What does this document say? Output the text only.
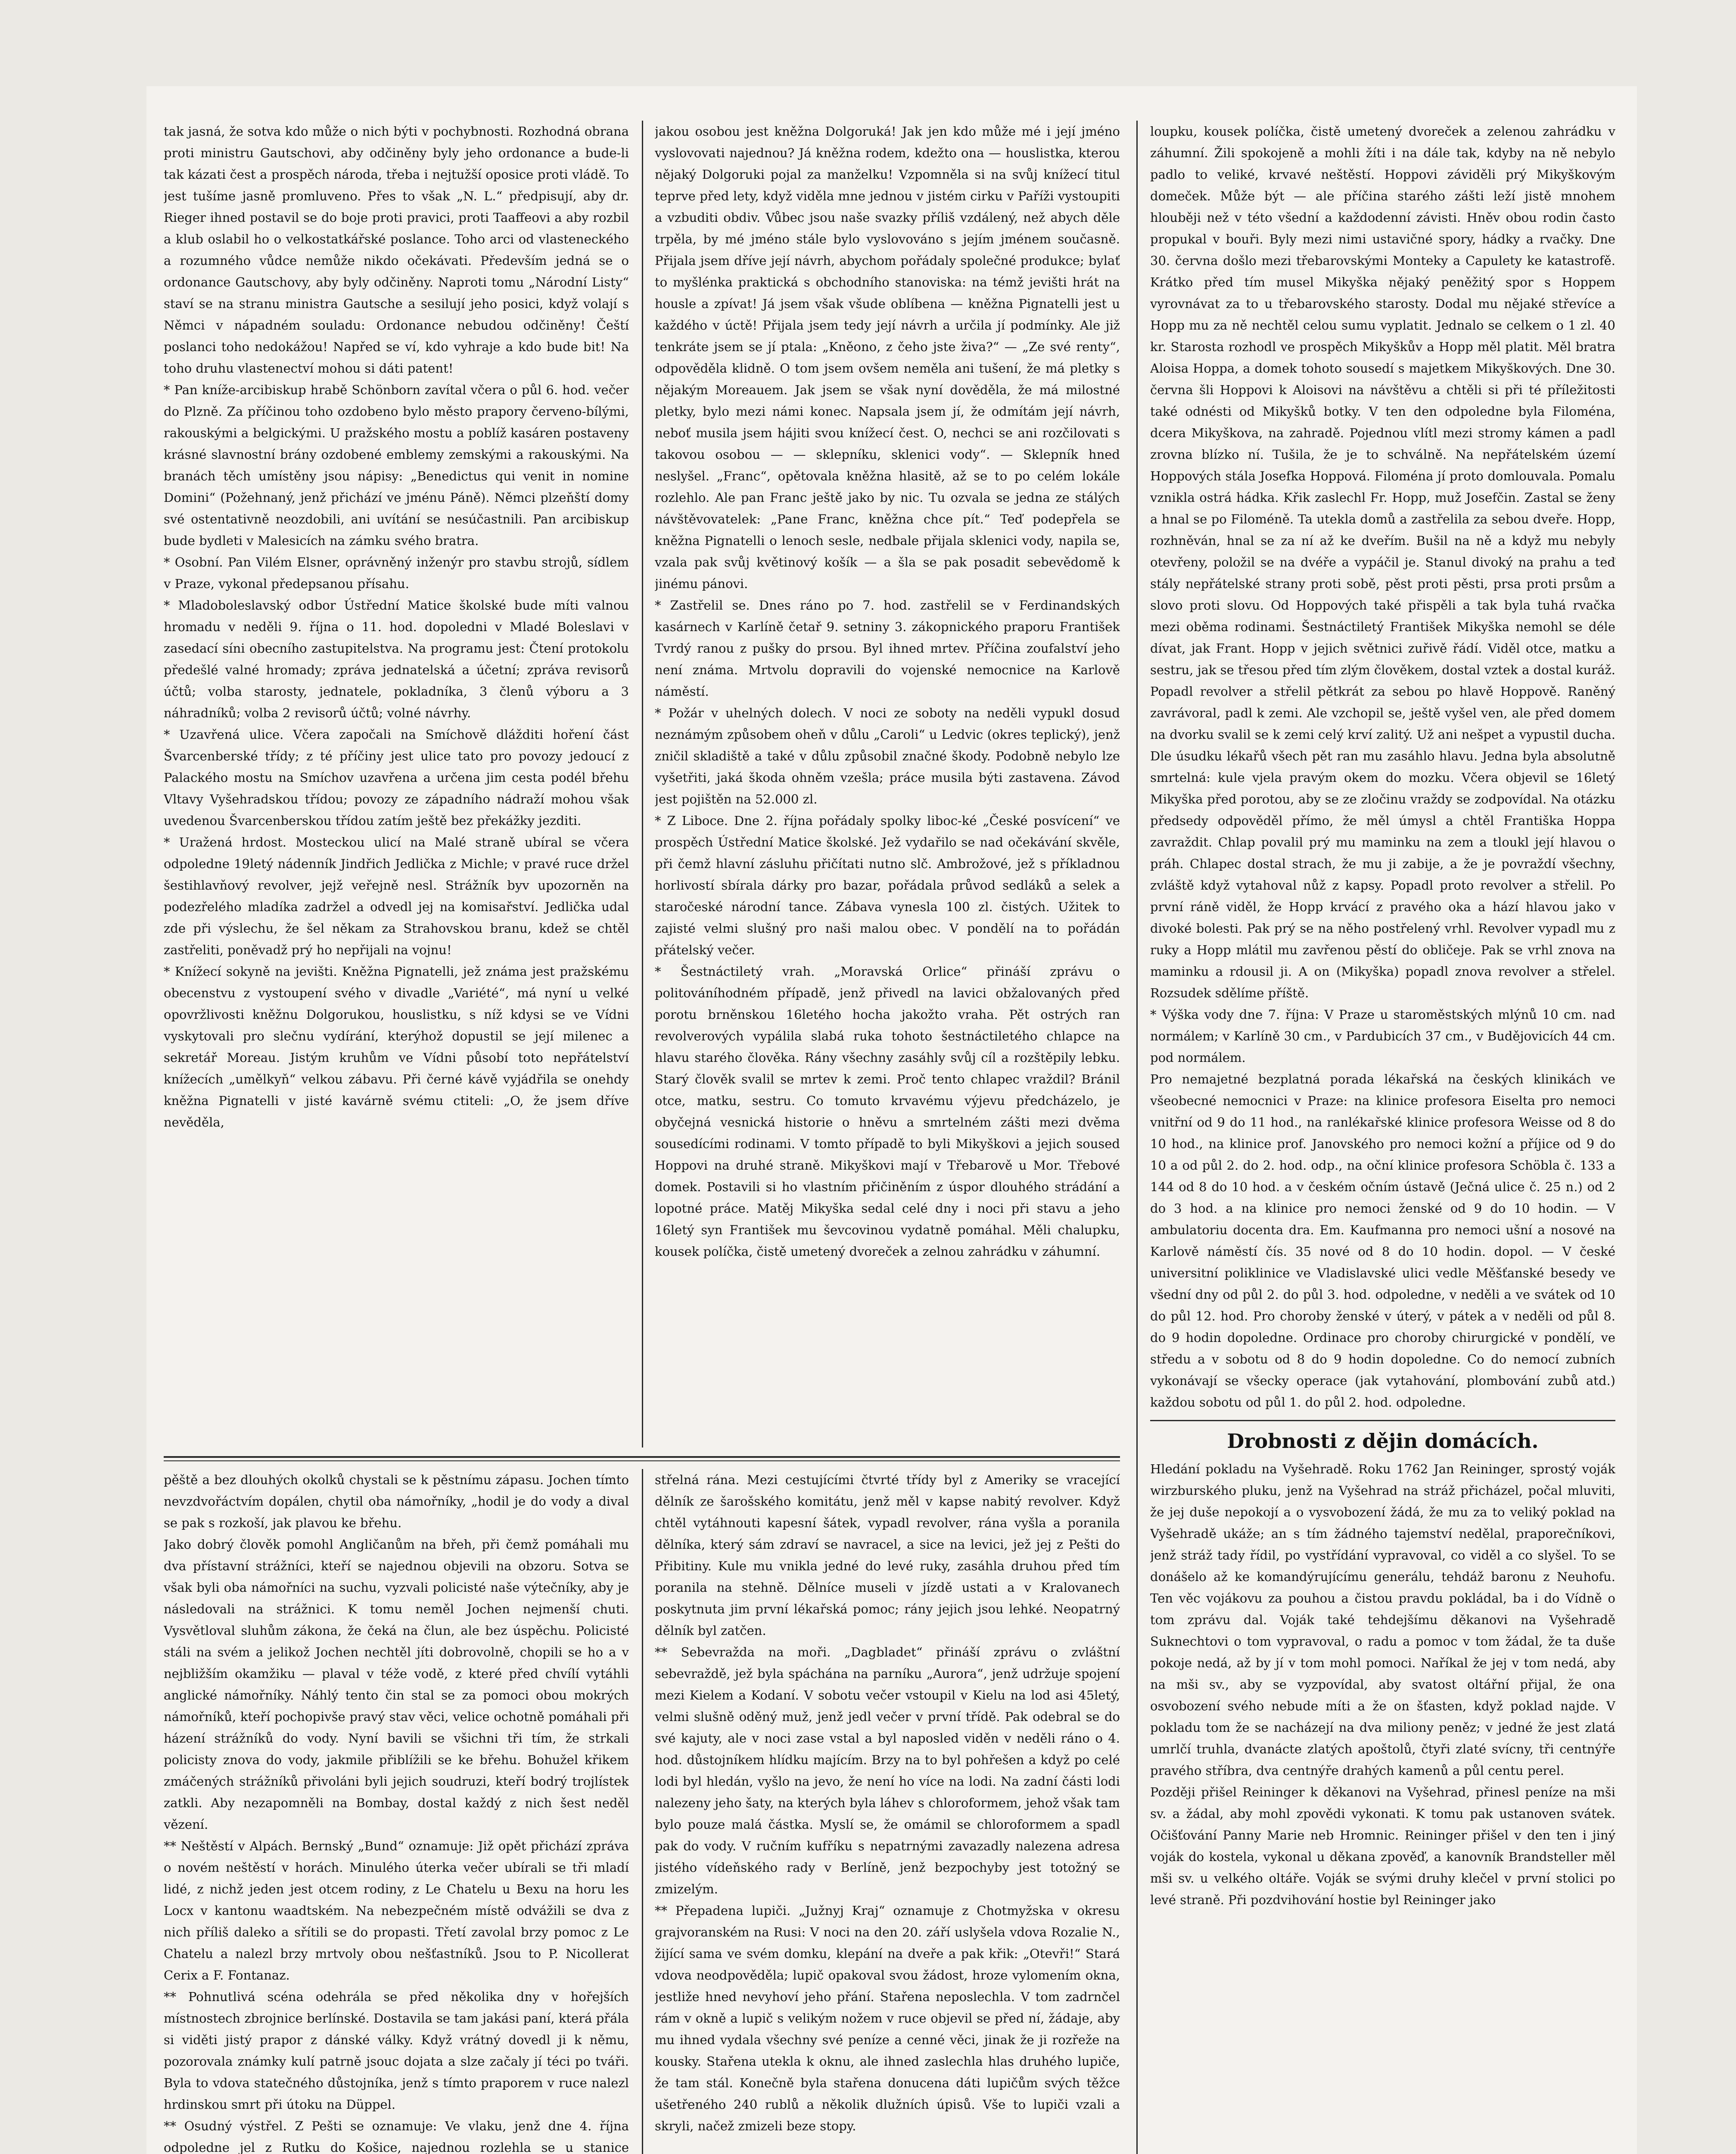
tak jasná, že sotva kdo může o nich býti v pochybnosti. Rozhodná obrana proti ministru Gautschovi, aby odčiněny byly jeho ordonance a bude-li tak kázati čest a prospěch národa, třeba i nejtužší oposice proti vládě. To jest tušíme jasně promluveno. Přes to však „N. L.“ předpisují, aby dr. Rieger ihned postavil se do boje proti pravici, proti Taaffeovi a aby rozbil a klub oslabil ho o velkostatkářské poslance. Toho arci od vlasteneckého a rozumného vůdce nemůže nikdo očekávati. Především jedná se o ordonance Gautschovy, aby byly odčiněny. Naproti tomu „Národní Listy“ staví se na stranu ministra Gautsche a sesilují jeho posici, když volají s Němci v nápadném souladu: Ordonance nebudou odčiněny! Čeští poslanci toho nedokážou! Napřed se ví, kdo vyhraje a kdo bude bit! Na toho druhu vlastenectví mohou si dáti patent!

* Pan kníže-arcibiskup hrabě Schönborn zavítal včera o půl 6. hod. večer do Plzně. Za příčinou toho ozdobeno bylo město prapory červeno-bílými, rakouskými a belgickými. U pražského mostu a poblíž kasáren postaveny krásné slavnostní brány ozdobené emblemy zemskými a rakouskými. Na branách těch umístěny jsou nápisy: „Benedictus qui venit in nomine Domini“ (Požehnaný, jenž přichází ve jménu Páně). Němci plzeňští domy své ostentativně neozdobili, ani uvítání se nesúčastnili. Pan arcibiskup bude bydleti v Malesicích na zámku svého bratra.

* Osobní. Pan Vilém Elsner, oprávněný inženýr pro stavbu strojů, sídlem v Praze, vykonal předepsanou přísahu.

* Mladoboleslavský odbor Ústřední Matice školské bude míti valnou hromadu v neděli 9. října o 11. hod. dopoledni v Mladé Boleslavi v zasedací síni obecního zastupitelstva. Na programu jest: Čtení protokolu předešlé valné hromady; zpráva jednatelská a účetní; zpráva revisorů účtů; volba starosty, jednatele, pokladníka, 3 členů výboru a 3 náhradníků; volba 2 revisorů účtů; volné návrhy.

* Uzavřená ulice. Včera započali na Smíchově dlážditi hoření část Švarcenberské třídy; z té příčiny jest ulice tato pro povozy jedoucí z Palackého mostu na Smíchov uzavřena a určena jim cesta podél břehu Vltavy Vyšehradskou třídou; povozy ze západního nádraží mohou však uvedenou Švarcenberskou třídou zatím ještě bez překážky jezditi.

* Uražená hrdost. Mosteckou ulicí na Malé straně ubíral se včera odpoledne 19letý nádenník Jindřich Jedlička z Michle; v pravé ruce držel šestihlavňový revolver, jejž veřejně nesl. Strážník byv upozorněn na podezřelého mladíka zadržel a odvedl jej na komisařství. Jedlička udal zde při výslechu, že šel někam za Strahovskou branu, kdež se chtěl zastřeliti, poněvadž prý ho nepřijali na vojnu!

* Knížecí sokyně na jevišti. Kněžna Pignatelli, jež známa jest pražskému obecenstvu z vystoupení svého v divadle „Variété“, má nyní u velké opovržlivosti kněžnu Dolgorukou, houslistku, s níž kdysi se ve Vídni vyskytovali pro slečnu vydírání, kterýhož dopustil se její milenec a sekretář Moreau. Jistým kruhům ve Vídni působí toto nepřátelství knížecích „umělkyň“ velkou zábavu. Při černé kávě vyjádřila se onehdy kněžna Pignatelli v jisté kavárně svému ctiteli: „O, že jsem dříve nevěděla,

jakou osobou jest kněžna Dolgoruká! Jak jen kdo může mé i její jméno vyslovovati najednou? Já kněžna rodem, kdežto ona — houslistka, kterou nějaký Dolgoruki pojal za manželku! Vzpomněla si na svůj knížecí titul teprve před lety, když viděla mne jednou v jistém cirku v Paříži vystoupiti a vzbuditi obdiv. Vůbec jsou naše svazky příliš vzdálený, než abych děle trpěla, by mé jméno stále bylo vyslovováno s jejím jménem současně. Přijala jsem dříve její návrh, abychom pořádaly společné produkce; bylať to myšlénka praktická s obchodního stanoviska: na témž jevišti hrát na housle a zpívat! Já jsem však všude oblíbena — kněžna Pignatelli jest u každého v úctě! Přijala jsem tedy její návrh a určila jí podmínky. Ale již tenkráte jsem se jí ptala: „Kněono, z čeho jste živa?“ — „Ze své renty“, odpověděla klidně. O tom jsem ovšem neměla ani tušení, že má pletky s nějakým Moreauem. Jak jsem se však nyní dověděla, že má milostné pletky, bylo mezi námi konec. Napsala jsem jí, že odmítám její návrh, neboť musila jsem hájiti svou knížecí čest. O, nechci se ani rozčilovati s takovou osobou — — sklepníku, sklenici vody“. — Sklepník hned neslyšel. „Franc“, opětovala kněžna hlasitě, až se to po celém lokále rozlehlo. Ale pan Franc ještě jako by nic. Tu ozvala se jedna ze stálých návštěvovatelek: „Pane Franc, kněžna chce pít.“ Teď podepřela se kněžna Pignatelli o lenoch sesle, nedbale přijala sklenici vody, napila se, vzala pak svůj květinový košík — a šla se pak posadit sebevědomě k jinému pánovi.

* Zastřelil se. Dnes ráno po 7. hod. zastřelil se v Ferdinandských kasárnech v Karlíně četař 9. setniny 3. zákopnického praporu František Tvrdý ranou z pušky do prsou. Byl ihned mrtev. Příčina zoufalství jeho není známa. Mrtvolu dopravili do vojenské nemocnice na Karlově náměstí.

* Požár v uhelných dolech. V noci ze soboty na neděli vypukl dosud neznámým způsobem oheň v důlu „Caroli“ u Ledvic (okres teplický), jenž zničil skladiště a také v důlu způsobil značné škody. Podobně nebylo lze vyšetřiti, jaká škoda ohněm vzešla; práce musila býti zastavena. Závod jest pojištěn na 52.000 zl.

* Z Liboce. Dne 2. října pořádaly spolky liboc-ké „České posvícení“ ve prospěch Ústřední Matice školské. Jež vydařilo se nad očekávání skvěle, při čemž hlavní zásluhu přičítati nutno slč. Ambrožové, jež s příkladnou horlivostí sbírala dárky pro bazar, pořádala průvod sedláků a selek a staročeské národní tance. Zábava vynesla 100 zl. čistých. Užitek to zajisté velmi slušný pro naši malou obec. V pondělí na to pořádán přátelský večer.

* Šestnáctiletý vrah. „Moravská Orlice“ přináší zprávu o politováníhodném případě, jenž přivedl na lavici obžalovaných před porotu brněnskou 16letého hocha jakožto vraha. Pět ostrých ran revolverových vypálila slabá ruka tohoto šestnáctiletého chlapce na hlavu starého člověka. Rány všechny zasáhly svůj cíl a rozštěpily lebku. Starý člověk svalil se mrtev k zemi. Proč tento chlapec vraždil? Bránil otce, matku, sestru. Co tomuto krvavému výjevu předcházelo, je obyčejná vesnická historie o hněvu a smrtelném zášti mezi dvěma sousedícími rodinami. V tomto případě to byli Mikyškovi a jejich soused Hoppovi na druhé straně. Mikyškovi mají v Třebarově u Mor. Třebové domek. Postavili si ho vlastním přičiněním z úspor dlouhého strádání a lopotné práce. Matěj Mikyška sedal celé dny i noci při stavu a jeho 16letý syn František mu ševcovinou vydatně pomáhal. Měli chalupku, kousek políčka, čistě umetený dvoreček a zelnou zahrádku v záhumní.

loupku, kousek políčka, čistě umetený dvoreček a zelenou zahrádku v záhumní. Žili spokojeně a mohli žíti i na dále tak, kdyby na ně nebylo padlo to veliké, krvavé neštěstí. Hoppovi záviděli prý Mikyškovým domeček. Může být — ale příčina starého zášti leží jistě mnohem hlouběji než v této všední a každodenní závisti. Hněv obou rodin často propukal v bouři. Byly mezi nimi ustavičné spory, hádky a rvačky. Dne 30. června došlo mezi třebarovskými Monteky a Capulety ke katastrofě. Krátko před tím musel Mikyška nějaký peněžitý spor s Hoppem vyrovnávat za to u třebarovského starosty. Dodal mu nějaké střevíce a Hopp mu za ně nechtěl celou sumu vyplatit. Jednalo se celkem o 1 zl. 40 kr. Starosta rozhodl ve prospěch Mikyškův a Hopp měl platit. Měl bratra Aloisa Hoppa, a domek tohoto sousedí s majetkem Mikyškových. Dne 30. června šli Hoppovi k Aloisovi na návštěvu a chtěli si při té příležitosti také odnésti od Mikyšků botky. V ten den odpoledne byla Filoména, dcera Mikyškova, na zahradě. Pojednou vlítl mezi stromy kámen a padl zrovna blízko ní. Tušila, že je to schválně. Na nepřátelském území Hoppových stála Josefka Hoppová. Filoména jí proto domlouvala. Pomalu vznikla ostrá hádka. Křik zaslechl Fr. Hopp, muž Josefčin. Zastal se ženy a hnal se po Filoméně. Ta utekla domů a zastřelila za sebou dveře. Hopp, rozhněván, hnal se za ní až ke dveřím. Bušil na ně a když mu nebyly otevřeny, položil se na dvéře a vypáčil je. Stanul divoký na prahu a teď stály nepřátelské strany proti sobě, pěst proti pěsti, prsa proti prsům a slovo proti slovu. Od Hoppových také přispěli a tak byla tuhá rvačka mezi oběma rodinami. Šestnáctiletý František Mikyška nemohl se déle dívat, jak Frant. Hopp v jejich světnici zuřivě řádí. Viděl otce, matku a sestru, jak se třesou před tím zlým člověkem, dostal vztek a dostal kuráž. Popadl revolver a střelil pětkrát za sebou po hlavě Hoppově. Raněný zavrávoral, padl k zemi. Ale vzchopil se, ještě vyšel ven, ale před domem na dvorku svalil se k zemi celý krví zalitý. Už ani nešpet a vypustil ducha. Dle úsudku lékařů všech pět ran mu zasáhlo hlavu. Jedna byla absolutně smrtelná: kule vjela pravým okem do mozku. Včera objevil se 16letý Mikyška před porotou, aby se ze zločinu vraždy se zodpovídal. Na otázku předsedy odpověděl přímo, že měl úmysl a chtěl Františka Hoppa zavraždit. Chlap povalil prý mu maminku na zem a tloukl její hlavou o práh. Chlapec dostal strach, že mu ji zabije, a že je povraždí všechny, zvláště když vytahoval nůž z kapsy. Popadl proto revolver a střelil. Po první ráně viděl, že Hopp krvácí z pravého oka a hází hlavou jako v divoké bolesti. Pak prý se na něho postřelený vrhl. Revolver vypadl mu z ruky a Hopp mlátil mu zavřenou pěstí do obličeje. Pak se vrhl znova na maminku a rdousil ji. A on (Mikyška) popadl znova revolver a střelel. Rozsudek sdělíme příště.

* Výška vody dne 7. října: V Praze u staroměstských mlýnů 10 cm. nad normálem; v Karlíně 30 cm., v Pardubicích 37 cm., v Budějovicích 44 cm. pod normálem.

Pro nemajetné bezplatná porada lékařská na českých klinikách ve všeobecné nemocnici v Praze: na klinice profesora Eiselta pro nemoci vnitřní od 9 do 11 hod., na ranlékařské klinice profesora Weisse od 8 do 10 hod., na klinice prof. Janovského pro nemoci kožní a příjice od 9 do 10 a od půl 2. do 2. hod. odp., na oční klinice profesora Schöbla č. 133 a 144 od 8 do 10 hod. a v českém očním ústavě (Ječná ulice č. 25 n.) od 2 do 3 hod. a na klinice pro nemoci ženské od 9 do 10 hodin. — V ambulatoriu docenta dra. Em. Kaufmanna pro nemoci ušní a nosové na Karlově náměstí čís. 35 nové od 8 do 10 hodin. dopol. — V české universitní poliklinice ve Vladislavské ulici vedle Měšťanské besedy ve všední dny od půl 2. do půl 3. hod. odpoledne, v neděli a ve svátek od 10 do půl 12. hod. Pro choroby ženské v úterý, v pátek a v neděli od půl 8. do 9 hodin dopoledne. Ordinace pro choroby chirurgické v pondělí, ve středu a v sobotu od 8 do 9 hodin dopoledne. Co do nemocí zubních vykonávají se všecky operace (jak vytahování, plombování zubů atd.) každou sobotu od půl 1. do půl 2. hod. odpoledne.

Drobnosti z dějin domácích.

Hledání pokladu na Vyšehradě. Roku 1762 Jan Reininger, sprostý voják wirzburského pluku, jenž na Vyšehrad na stráž přicházel, počal mluviti, že jej duše nepokojí a o vysvobození žádá, že mu za to veliký poklad na Vyšehradě ukáže; an s tím žádného tajemství nedělal, praporečníkovi, jenž stráž tady řídil, po vystřídání vypravoval, co viděl a co slyšel. To se donášelo až ke komandýrujícímu generálu, tehdáž baronu z Neuhofu. Ten věc vojákovu za pouhou a čistou pravdu pokládal, ba i do Vídně o tom zprávu dal. Voják také tehdejšímu děkanovi na Vyšehradě Suknechtovi o tom vypravoval, o radu a pomoc v tom žádal, že ta duše pokoje nedá, až by jí v tom mohl pomoci. Naříkal že jej v tom nedá, aby na mši sv., aby se vyzpovídal, aby svatost oltářní přijal, že ona osvobození svého nebude míti a že on šťasten, když poklad najde. V pokladu tom že se nacházejí na dva miliony peněz; v jedné že jest zlatá umrlčí truhla, dvanácte zlatých apoštolů, čtyři zlaté svícny, tři centnýře pravého stříbra, dva centnýře drahých kamenů a půl centu perel.

Později přišel Reininger k děkanovi na Vyšehrad, přinesl peníze na mši sv. a žádal, aby mohl zpovědi vykonati. K tomu pak ustanoven svátek. Očišťování Panny Marie neb Hromnic. Reininger přišel v den ten i jiný voják do kostela, vykonal u děkana zpověď, a kanovník Brandsteller měl mši sv. u velkého oltáře. Voják se svými druhy klečel v první stolici po levé straně. Při pozdvihování hostie byl Reininger jako

pěště a bez dlouhých okolků chystali se k pěstnímu zápasu. Jochen tímto nevzdvořáctvím dopálen, chytil oba námořníky, „hodil je do vody a dival se pak s rozkoší, jak plavou ke břehu.

Jako dobrý člověk pomohl Angličanům na břeh, při čemž pomáhali mu dva přístavní strážníci, kteří se najednou objevili na obzoru. Sotva se však byli oba námořníci na suchu, vyzvali policisté naše výtečníky, aby je následovali na strážnici. K tomu neměl Jochen nejmenší chuti. Vysvětloval sluhům zákona, že čeká na člun, ale bez úspěchu. Policisté stáli na svém a jelikož Jochen nechtěl jíti dobrovolně, chopili se ho a v nejbližším okamžiku — plaval v téže vodě, z které před chvílí vytáhli anglické námořníky. Náhlý tento čin stal se za pomoci obou mokrých námořníků, kteří pochopivše pravý stav věci, velice ochotně pomáhali při házení strážníků do vody. Nyní bavili se všichni tři tím, že strkali policisty znova do vody, jakmile přiblížili se ke břehu. Bohužel křikem zmáčených strážníků přivoláni byli jejich soudruzi, kteří bodrý trojlístek zatkli. Aby nezapomněli na Bombay, dostal každý z nich šest neděl vězení.

** Neštěstí v Alpách. Bernský „Bund“ oznamuje: Již opět přichází zpráva o novém neštěstí v horách. Minulého úterka večer ubírali se tři mladí lidé, z nichž jeden jest otcem rodiny, z Le Chatelu u Bexu na horu les Locx v kantonu waadtském. Na nebezpečném místě odvážili se dva z nich příliš daleko a sřítili se do propasti. Třetí zavolal brzy pomoc z Le Chatelu a nalezl brzy mrtvoly obou nešťastníků. Jsou to P. Nicollerat Cerix a F. Fontanaz.

** Pohnutlivá scéna odehrála se před několika dny v hořejších místnostech zbrojnice berlínské. Dostavila se tam jakási paní, která přála si viděti jistý prapor z dánské války. Když vrátný dovedl ji k němu, pozorovala známky kulí patrně jsouc dojata a slze začaly jí téci po tváři. Byla to vdova statečného důstojníka, jenž s tímto praporem v ruce nalezl hrdinskou smrt při útoku na Düppel.

** Osudný výstřel. Z Pešti se oznamuje: Ve vlaku, jenž dne 4. října odpoledne jel z Rutku do Košice, najednou rozlehla se u stanice

střelná rána. Mezi cestujícími čtvrté třídy byl z Ameriky se vracející dělník ze šarošského komitátu, jenž měl v kapse nabitý revolver. Když chtěl vytáhnouti kapesní šátek, vypadl revolver, rána vyšla a poranila dělníka, který sám zdraví se navracel, a sice na levici, jež jej z Pešti do Přibitiny. Kule mu vnikla jedné do levé ruky, zasáhla druhou před tím poranila na stehně. Dělníce museli v jízdě ustati a v Kralovanech poskytnuta jim první lékařská pomoc; rány jejich jsou lehké. Neopatrný dělník byl zatčen.

** Sebevražda na moři. „Dagbladet“ přináší zprávu o zvláštní sebevraždě, jež byla spáchána na parníku „Aurora“, jenž udržuje spojení mezi Kielem a Kodaní. V sobotu večer vstoupil v Kielu na lod asi 45letý, velmi slušně oděný muž, jenž jedl večer v první třídě. Pak odebral se do své kajuty, ale v noci zase vstal a byl naposled viděn v neděli ráno o 4. hod. důstojníkem hlídku majícím. Brzy na to byl pohřešen a když po celé lodi byl hledán, vyšlo na jevo, že není ho více na lodi. Na zadní části lodi nalezeny jeho šaty, na kterých byla láhev s chloroformem, jehož však tam bylo pouze malá částka. Myslí se, že omámil se chloroformem a spadl pak do vody. V ručním kufříku s nepatrnými zavazadly nalezena adresa jistého vídeňského rady v Berlíně, jenž bezpochyby jest totožný se zmizelým.

** Přepadena lupiči. „Južnyj Kraj“ oznamuje z Chotmyžska v okresu grajvoranském na Rusi: V noci na den 20. září uslyšela vdova Rozalie N., žijící sama ve svém domku, klepání na dveře a pak křik: „Otevři!“ Stará vdova neodpověděla; lupič opakoval svou žádost, hroze vylomením okna, jestliže hned nevyhoví jeho přání. Stařena neposlechla. V tom zadrnčel rám v okně a lupič s velikým nožem v ruce objevil se před ní, žádaje, aby mu ihned vydala všechny své peníze a cenné věci, jinak že ji rozřeže na kousky. Stařena utekla k oknu, ale ihned zaslechla hlas druhého lupiče, že tam stál. Konečně byla stařena donucena dáti lupičům svých těžce ušetřeného 240 rublů a několik dlužních úpisů. Vše to lupiči vzali a skryli, načež zmizeli beze stopy.
